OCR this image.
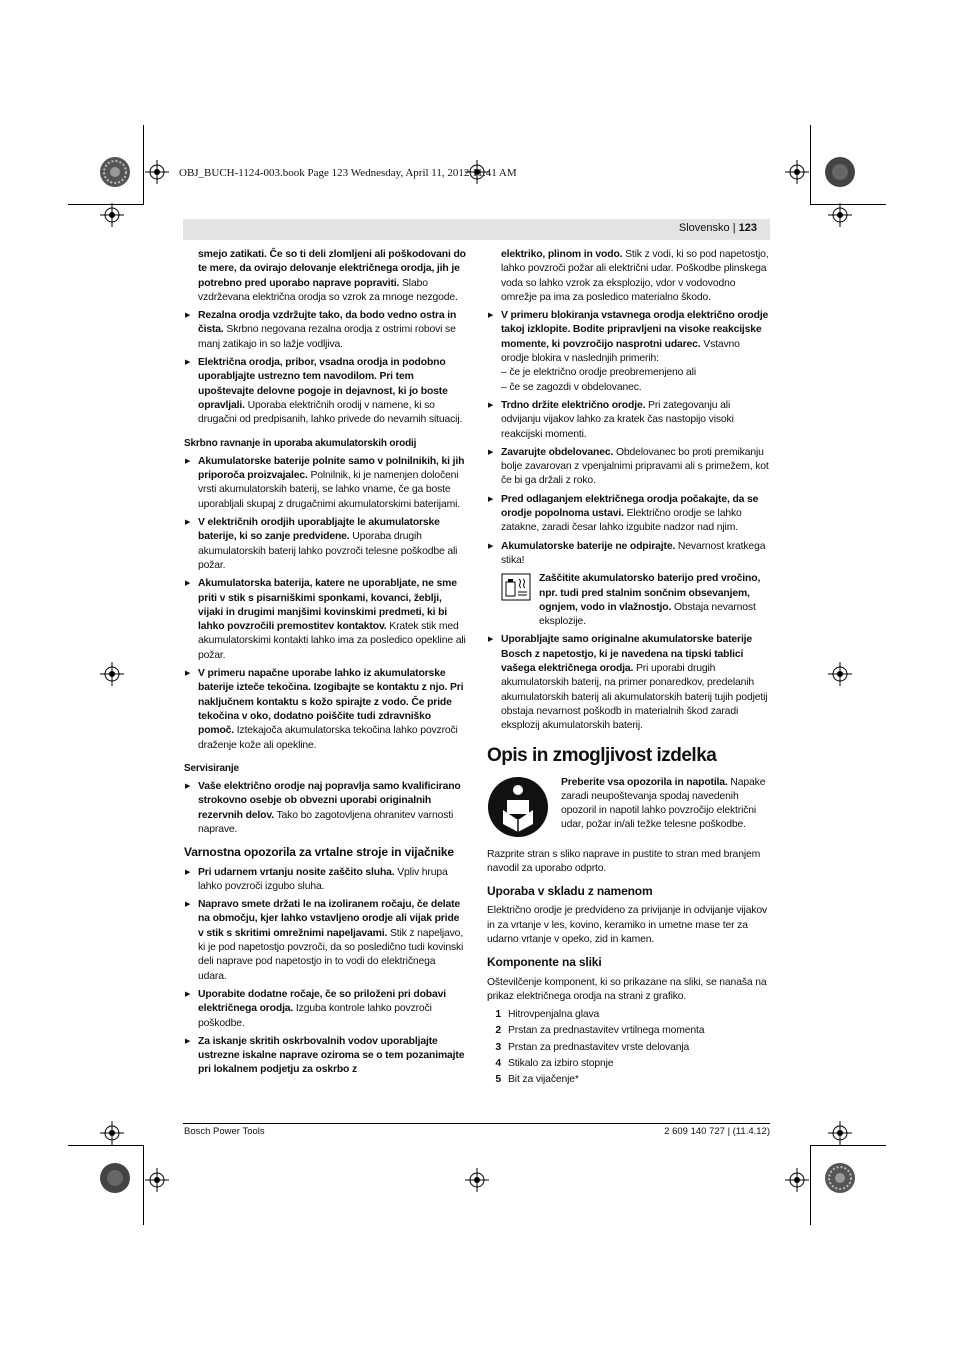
OBJ_BUCH-1124-003.book Page 123 Wednesday, April 11, 2012 11:41 AM
Slovensko | 123

smejo zatikati. Če so ti deli zlomljeni ali poškodovani do te mere, da ovirajo delovanje električnega orodja, jih je potrebno pred uporabo naprave popraviti. Slabo vzdrževana električna orodja so vzrok za mnoge nezgode.

▶ Rezalna orodja vzdržujte tako, da bodo vedno ostra in čista. Skrbno negovana rezalna orodja z ostrimi robovi se manj zatikajo in so lažje vodljiva.
▶ Električna orodja, pribor, vsadna orodja in podobno uporabljajte ustrezno tem navodilom. Pri tem upoštevajte delovne pogoje in dejavnost, ki jo boste opravljali. Uporaba električnih orodij v namene, ki so drugačni od predpisanih, lahko privede do nevarnih situacij.
Skrbno ravnanje in uporaba akumulatorskih orodij
▶ Akumulatorske baterije polnite samo v polnilnikih, ki jih priporoča proizvajalec. Polnilnik, ki je namenjen določeni vrsti akumulatorskih baterij, se lahko vname, če ga boste uporabljali skupaj z drugačnimi akumulatorskimi baterijami.
▶ V električnih orodjih uporabljajte le akumulatorske baterije, ki so zanje predvidene. Uporaba drugih akumulatorskih baterij lahko povzroči telesne poškodbe ali požar.
▶ Akumulatorska baterija, katere ne uporabljate, ne sme priti v stik s pisarniškimi sponkami, kovanci, žeblji, vijaki in drugimi manjšimi kovinskimi predmeti, ki bi lahko povzročili premostitev kontaktov. Kratek stik med akumulatorskimi kontakti lahko ima za posledico opekline ali požar.
▶ V primeru napačne uporabe lahko iz akumulatorske baterije izteče tekočina. Izogibajte se kontaktu z njo. Pri naključnem kontaktu s kožo spirajte z vodo. Če pride tekočina v oko, dodatno poiščite tudi zdravniško pomoč. Iztekajoča akumulatorska tekočina lahko povzroči draženje kože ali opekline.
Servisiranje
▶ Vaše električno orodje naj popravlja samo kvalificirano strokovno osebje ob obvezni uporabi originalnih rezervnih delov. Tako bo zagotovljena ohranitev varnosti naprave.
Varnostna opozorila za vrtalne stroje in vijačnike
▶ Pri udarnem vrtanju nosite zaščito sluha. Vpliv hrupa lahko povzroči izgubo sluha.
▶ Napravo smete držati le na izoliranem ročaju, če delate na območju, kjer lahko vstavljeno orodje ali vijak pride v stik s skritimi omrežnimi napeljavami. Stik z napeljavo, ki je pod napetostjo povzroči, da so posledično tudi kovinski deli naprave pod napetostjo in to vodi do električnega udara.
▶ Uporabite dodatne ročaje, če so priloženi pri dobavi električnega orodja. Izguba kontrole lahko povzroči poškodbe.
▶ Za iskanje skritih oskrbovalnih vodov uporabljajte ustrezne iskalne naprave oziroma se o tem pozanimajte pri lokalnem podjetju za oskrbo z

elektriko, plinom in vodo. Stik z vodi, ki so pod napetostjo, lahko povzroči požar ali električni udar. Poškodbe plinskega voda so lahko vzrok za eksplozijo, vdor v vodovodno omrežje pa ima za posledico materialno škodo.

▶ V primeru blokiranja vstavnega orodja električno orodje takoj izklopite. Bodite pripravljeni na visoke reakcijske momente, ki povzročijo nasprotni udarec. Vstavno orodje blokira v naslednjih primerih:
– če je električno orodje preobremenjeno ali
– če se zagozdi v obdelovanec.
▶ Trdno držite električno orodje. Pri zategovanju ali odvijanju vijakov lahko za kratek čas nastopijo visoki reakcijski momenti.
▶ Zavarujte obdelovanec. Obdelovanec bo proti premikanju bolje zavarovan z vpenjalnimi pripravami ali s primežem, kot če bi ga držali z roko.
▶ Pred odlaganjem električnega orodja počakajte, da se orodje popolnoma ustavi. Električno orodje se lahko zatakne, zaradi česar lahko izgubite nadzor nad njim.
▶ Akumulatorske baterije ne odpirajte. Nevarnost kratkega stika!

Zaščitite akumulatorsko baterijo pred vročino, npr. tudi pred stalnim sončnim obsevanjem, ognjem, vodo in vlažnostjo. Obstaja nevarnost eksplozije.

▶ Uporabljajte samo originalne akumulatorske baterije Bosch z napetostjo, ki je navedena na tipski tablici vašega električnega orodja. Pri uporabi drugih akumulatorskih baterij, na primer ponaredkov, predelanih akumulatorskih baterij ali akumulatorskih baterij tujih podjetij obstaja nevarnost poškodb in materialnih škod zaradi eksplozij akumulatorskih baterij.
Opis in zmogljivost izdelka

Preberite vsa opozorila in napotila. Napake zaradi neupoštevanja spodaj navedenih opozoril in napotil lahko povzročijo električni udar, požar in/ali težke telesne poškodbe.

Razprite stran s sliko naprave in pustite to stran med branjem navodil za uporabo odprto.

Uporaba v skladu z namenom

Električno orodje je predvideno za privijanje in odvijanje vijakov in za vrtanje v les, kovino, keramiko in umetne mase ter za udarno vrtanje v opeko, zid in kamen.

Komponente na sliki

Oštevilčenje komponent, ki so prikazane na sliki, se nanaša na prikaz električnega orodja na strani z grafiko.

1 Hitrovpenjalna glava
2 Prstan za prednastavitev vrtilnega momenta
3 Prstan za prednastavitev vrste delovanja
4 Stikalo za izbiro stopnje
5 Bit za vijačenje*
Bosch Power Tools	2 609 140 727 | (11.4.12)
